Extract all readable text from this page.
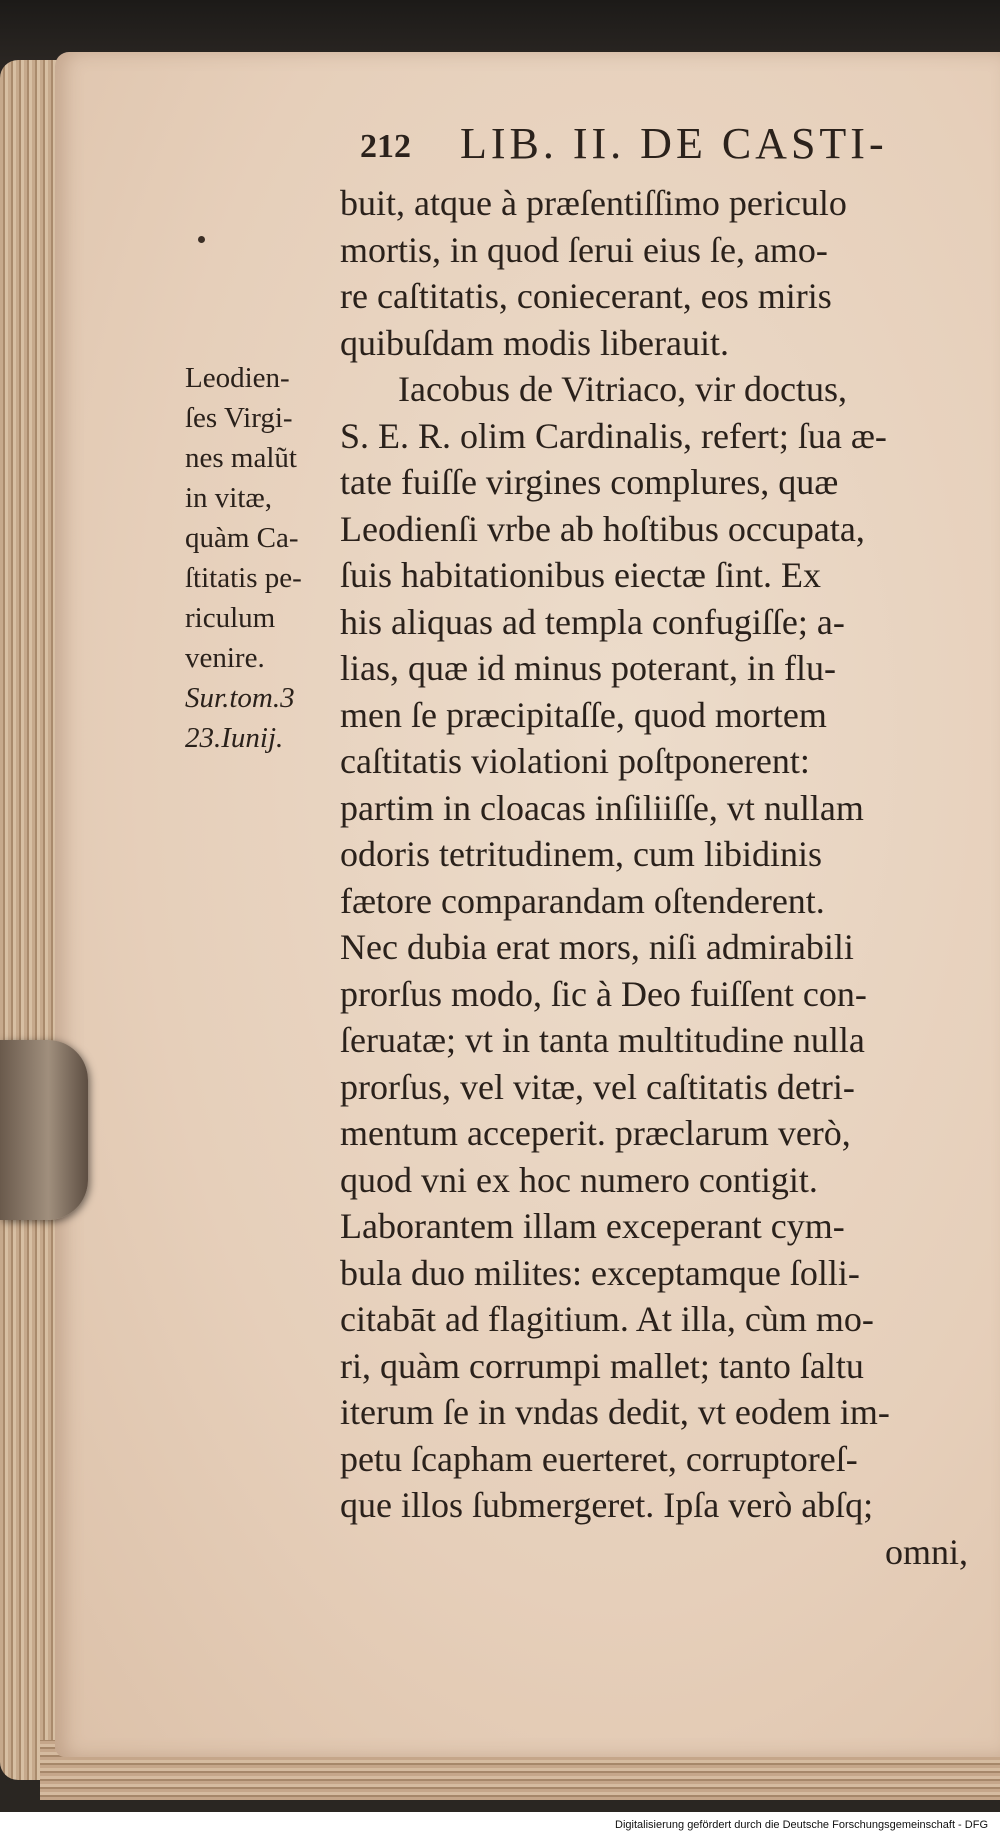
212 LIB. II. DE CASTI-
Leodien-
ſes Virgi-
nes malũt
in vitæ,
quàm Ca-
ſtitatis pe-
riculum
venire.
Sur.tom.3
23.Iunij.
buit, atque à præſentiſſimo periculo
mortis, in quod ſerui eius ſe, amo-
re caſtitatis, coniecerant, eos miris
quibuſdam modis liberauit.
Iacobus de Vitriaco, vir doctus,
S. E. R. olim Cardinalis, refert; ſua æ-
tate fuiſſe virgines complures, quæ
Leodienſi vrbe ab hoſtibus occupata,
ſuis habitationibus eiectæ ſint. Ex
his aliquas ad templa confugiſſe; a-
lias, quæ id minus poterant, in flu-
men ſe præcipitaſſe, quod mortem
caſtitatis violationi poſtponerent:
partim in cloacas inſiliiſſe, vt nullam
odoris tetritudinem, cum libidinis
fætore comparandam oſtenderent.
Nec dubia erat mors, niſi admirabili
prorſus modo, ſic à Deo fuiſſent con-
ſeruatæ; vt in tanta multitudine nulla
prorſus, vel vitæ, vel caſtitatis detri-
mentum acceperit. præclarum verò,
quod vni ex hoc numero contigit.
Laborantem illam exceperant cym-
bula duo milites: exceptamque ſolli-
citabāt ad flagitium. At illa, cùm mo-
ri, quàm corrumpi mallet; tanto ſaltu
iterum ſe in vndas dedit, vt eodem im-
petu ſcapham euerteret, corruptoreſ-
que illos ſubmergeret. Ipſa verò abſq;
omni,
Digitalisierung gefördert durch die Deutsche Forschungsgemeinschaft - DFG
